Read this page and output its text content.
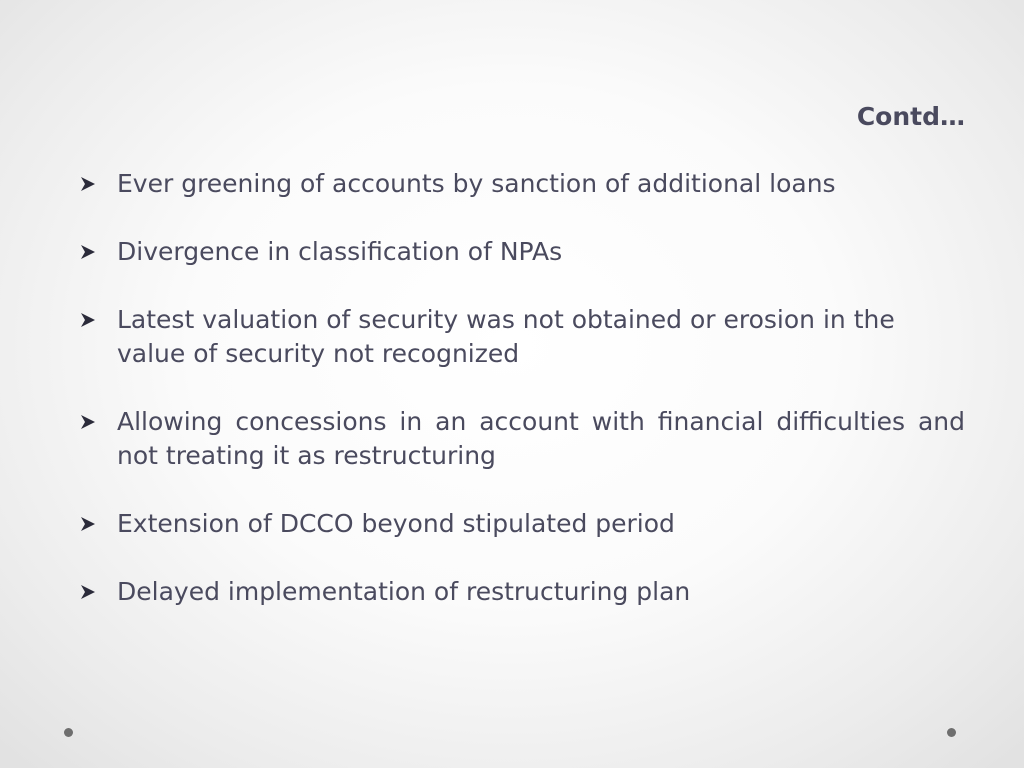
Contd…
Ever greening of accounts by sanction of additional loans
Divergence in classification of NPAs
Latest valuation of security was not obtained or erosion in the value of security not recognized
Allowing concessions in an account with financial difficulties and not treating it as restructuring
Extension of DCCO beyond stipulated period
Delayed implementation of restructuring plan
